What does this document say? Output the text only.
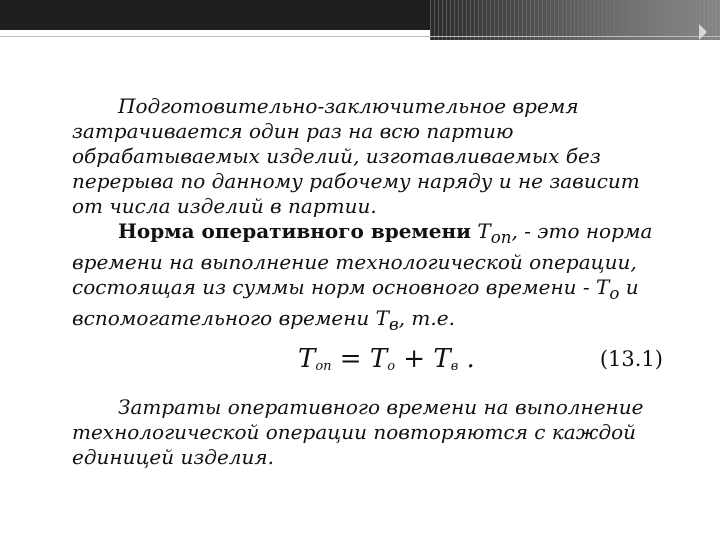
Подготовительно-заключительное время затрачивается один раз на всю партию обрабатываемых изделий, изготавливаемых без перерыва по данному рабочему наряду и не зависит от числа изделий в партии.

Норма оперативного времени $Т_{оп}$, - это норма времени на выполнение технологической операции, состоящая из суммы норм основного времени - $Т_о$ и вспомогательного времени $Т_в$, т.е.

$T_{оп} = T_о + T_в$ .	(13.1)

Затраты оперативного времени на выполнение технологической операции повторяются с каждой единицей изделия.
